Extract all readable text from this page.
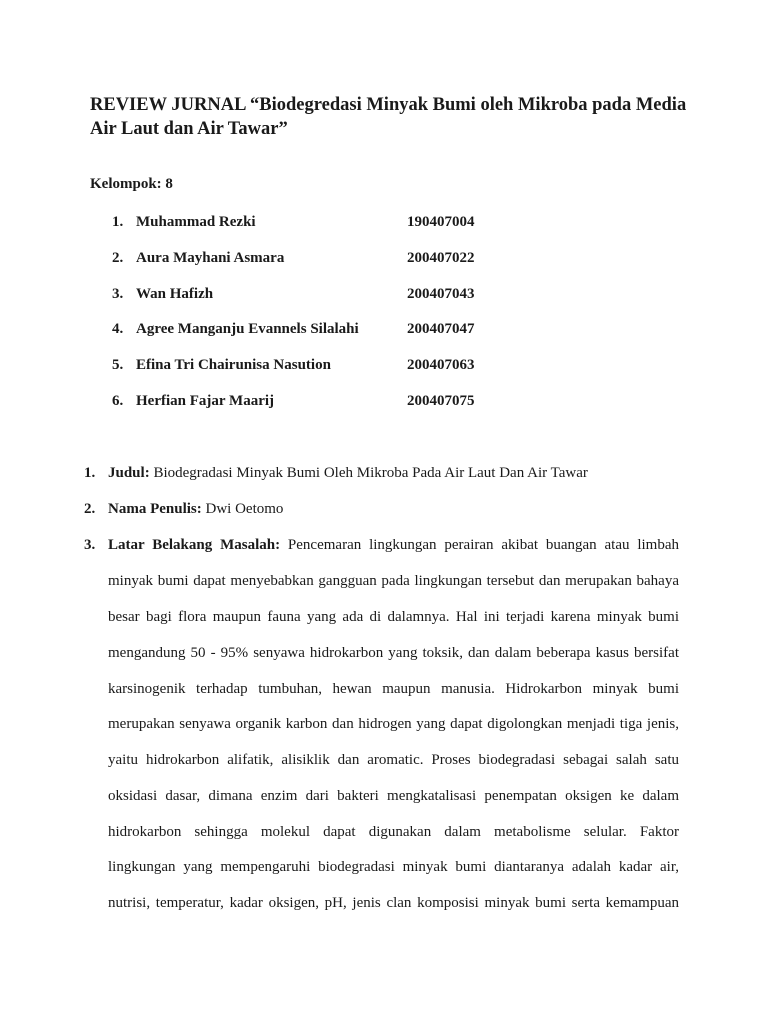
REVIEW JURNAL “Biodegredasi Minyak Bumi oleh Mikroba pada Media Air Laut dan Air Tawar”

Kelompok: 8

1. Muhammad Rezki	190407004
2. Aura Mayhani Asmara	200407022
3. Wan Hafizh	200407043
4. Agree Manganju Evannels Silalahi	200407047
5. Efina Tri Chairunisa Nasution	200407063
6. Herfian Fajar Maarij	200407075
1. Judul: Biodegradasi Minyak Bumi Oleh Mikroba Pada Air Laut Dan Air Tawar
2. Nama Penulis: Dwi Oetomo
3. Latar Belakang Masalah: Pencemaran lingkungan perairan akibat buangan atau limbah
minyak bumi dapat menyebabkan gangguan pada lingkungan tersebut dan merupakan bahaya
besar bagi flora maupun fauna yang ada di dalamnya. Hal ini terjadi karena minyak bumi
mengandung 50 - 95% senyawa hidrokarbon yang toksik, dan dalam beberapa kasus bersifat
karsinogenik terhadap tumbuhan, hewan maupun manusia. Hidrokarbon minyak bumi
merupakan senyawa organik karbon dan hidrogen yang dapat digolongkan menjadi tiga jenis,
yaitu hidrokarbon alifatik, alisiklik dan aromatic. Proses biodegradasi sebagai salah satu
oksidasi dasar, dimana enzim dari bakteri mengkatalisasi penempatan oksigen ke dalam
hidrokarbon sehingga molekul dapat digunakan dalam metabolisme selular. Faktor
lingkungan yang mempengaruhi biodegradasi minyak bumi diantaranya adalah kadar air,
nutrisi, temperatur, kadar oksigen, pH, jenis clan komposisi minyak bumi serta kemampuan
